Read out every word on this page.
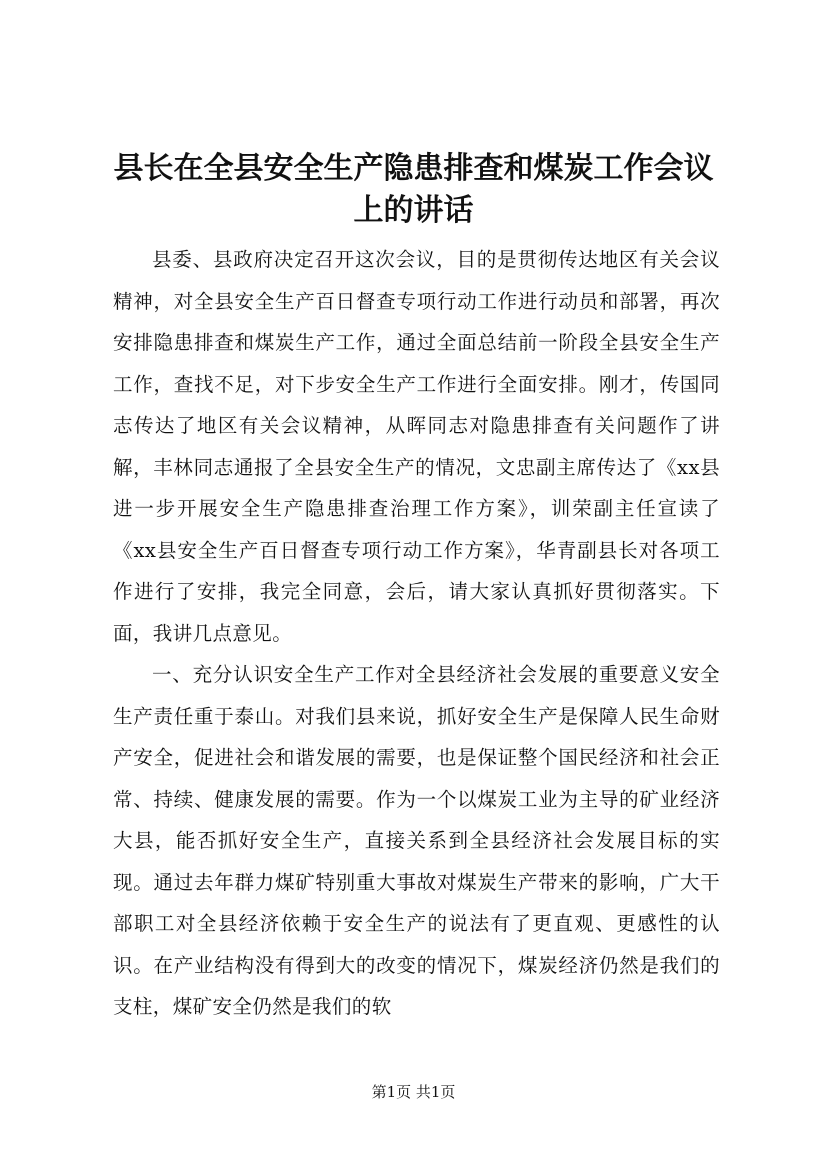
县长在全县安全生产隐患排查和煤炭工作会议
上的讲话

县委、县政府决定召开这次会议，目的是贯彻传达地区有关会议精神，对全县安全生产百日督查专项行动工作进行动员和部署，再次安排隐患排查和煤炭生产工作，通过全面总结前一阶段全县安全生产工作，查找不足，对下步安全生产工作进行全面安排。刚才，传国同志传达了地区有关会议精神，从晖同志对隐患排查有关问题作了讲解，丰林同志通报了全县安全生产的情况，文忠副主席传达了《xx县进一步开展安全生产隐患排查治理工作方案》，训荣副主任宣读了《xx县安全生产百日督查专项行动工作方案》，华青副县长对各项工作进行了安排，我完全同意，会后，请大家认真抓好贯彻落实。下面，我讲几点意见。

一、充分认识安全生产工作对全县经济社会发展的重要意义安全生产责任重于泰山。对我们县来说，抓好安全生产是保障人民生命财产安全，促进社会和谐发展的需要，也是保证整个国民经济和社会正常、持续、健康发展的需要。作为一个以煤炭工业为主导的矿业经济大县，能否抓好安全生产，直接关系到全县经济社会发展目标的实现。通过去年群力煤矿特别重大事故对煤炭生产带来的影响，广大干部职工对全县经济依赖于安全生产的说法有了更直观、更感性的认识。在产业结构没有得到大的改变的情况下，煤炭经济仍然是我们的支柱，煤矿安全仍然是我们的软

第1页 共1页
